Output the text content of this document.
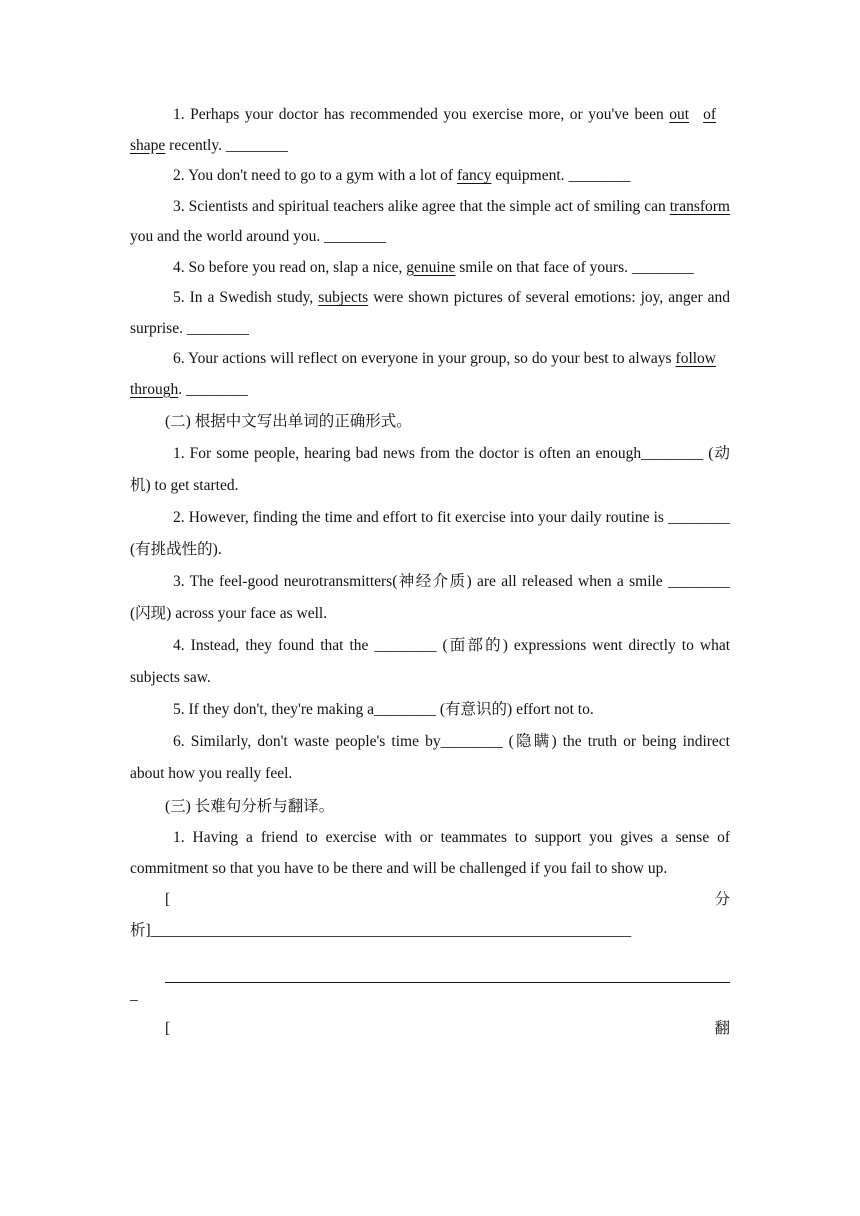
1. Perhaps your doctor has recommended you exercise more, or you've been out ofshape recently. ________

2. You don't need to go to a gym with a lot of fancy equipment. ________

3. Scientists and spiritual teachers alike agree that the simple act of smiling can transform you and the world around you. ________

4. So before you read on, slap a nice, genuine smile on that face of yours. ________

5. In a Swedish study, subjects were shown pictures of several emotions: joy, anger and surprise. ________

6. Your actions will reflect on everyone in your group, so do your best to always followthrough. ________

(二) 根据中文写出单词的正确形式。

1. For some people, hearing bad news from the doctor is often an enough________ (动机) to get started.

2. However, finding the time and effort to fit exercise into your daily routine is ________ (有挑战性的).

3. The feel-good neurotransmitters(神经介质) are all released when a smile ________ (闪现) across your face as well.

4. Instead, they found that the ________ (面部的) expressions went directly to what subjects saw.

5. If they don't, they're making a________ (有意识的) effort not to.

6. Similarly, don't waste people's time by________ (隐瞒) the truth or being indirect about how you really feel.

(三) 长难句分析与翻译。

1. Having a friend to exercise with or teammates to support you gives a sense of commitment so that you have to be there and will be challenged if you fail to show up.

[	分
析]______________________________________________________________
_
[	翻
